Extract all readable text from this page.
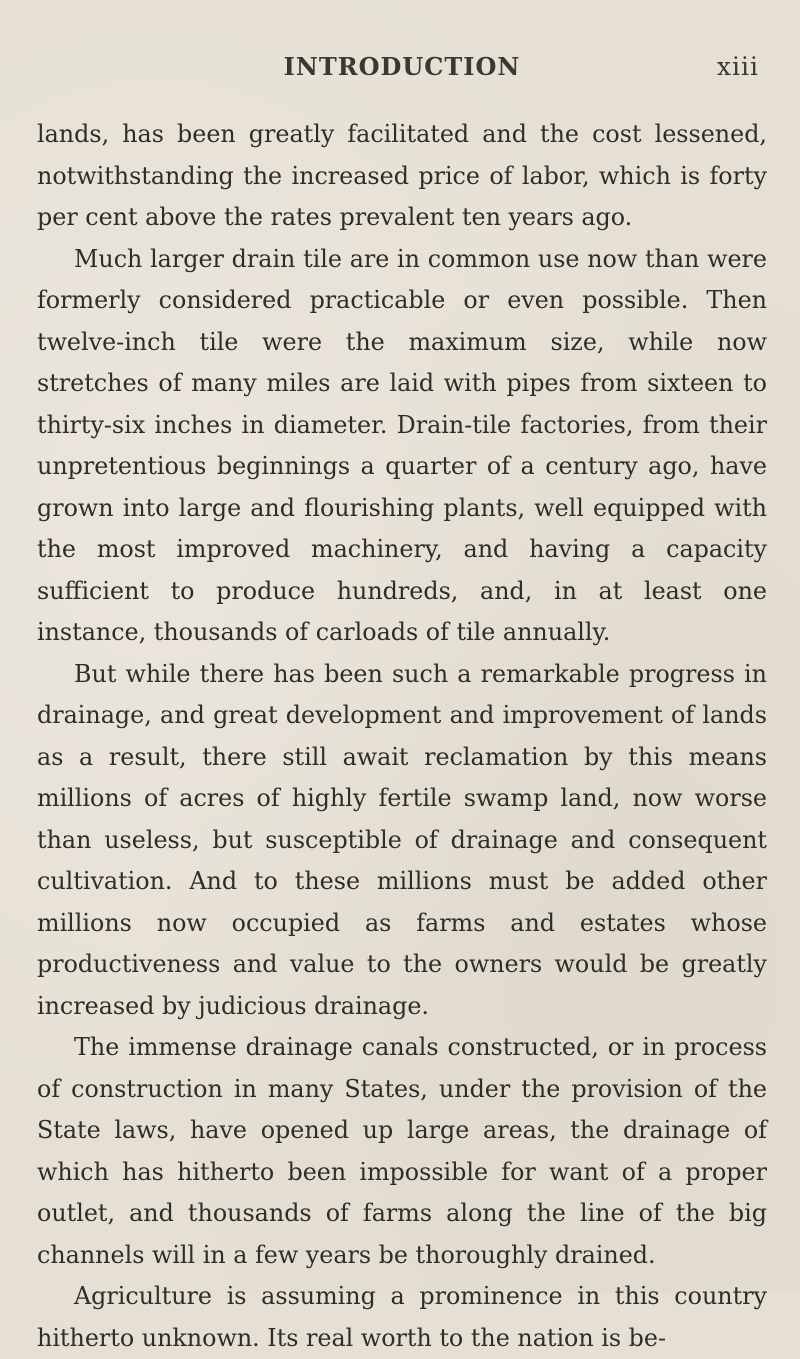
INTRODUCTION	xiii

lands, has been greatly facilitated and the cost lessened, notwithstanding the increased price of labor, which is forty per cent above the rates prevalent ten years ago.

Much larger drain tile are in common use now than were formerly considered practicable or even possible. Then twelve-inch tile were the maximum size, while now stretches of many miles are laid with pipes from sixteen to thirty-six inches in diameter. Drain-tile factories, from their unpretentious beginnings a quarter of a century ago, have grown into large and flourishing plants, well equipped with the most improved machinery, and having a capacity sufficient to produce hundreds, and, in at least one instance, thousands of carloads of tile annually.

But while there has been such a remarkable progress in drainage, and great development and improvement of lands as a result, there still await reclamation by this means millions of acres of highly fertile swamp land, now worse than useless, but susceptible of drainage and consequent cultivation. And to these millions must be added other millions now occupied as farms and estates whose productiveness and value to the owners would be greatly increased by judicious drainage.

The immense drainage canals constructed, or in process of construction in many States, under the provision of the State laws, have opened up large areas, the drainage of which has hitherto been impossible for want of a proper outlet, and thousands of farms along the line of the big channels will in a few years be thoroughly drained.

Agriculture is assuming a prominence in this country hitherto unknown. Its real worth to the nation is be-
